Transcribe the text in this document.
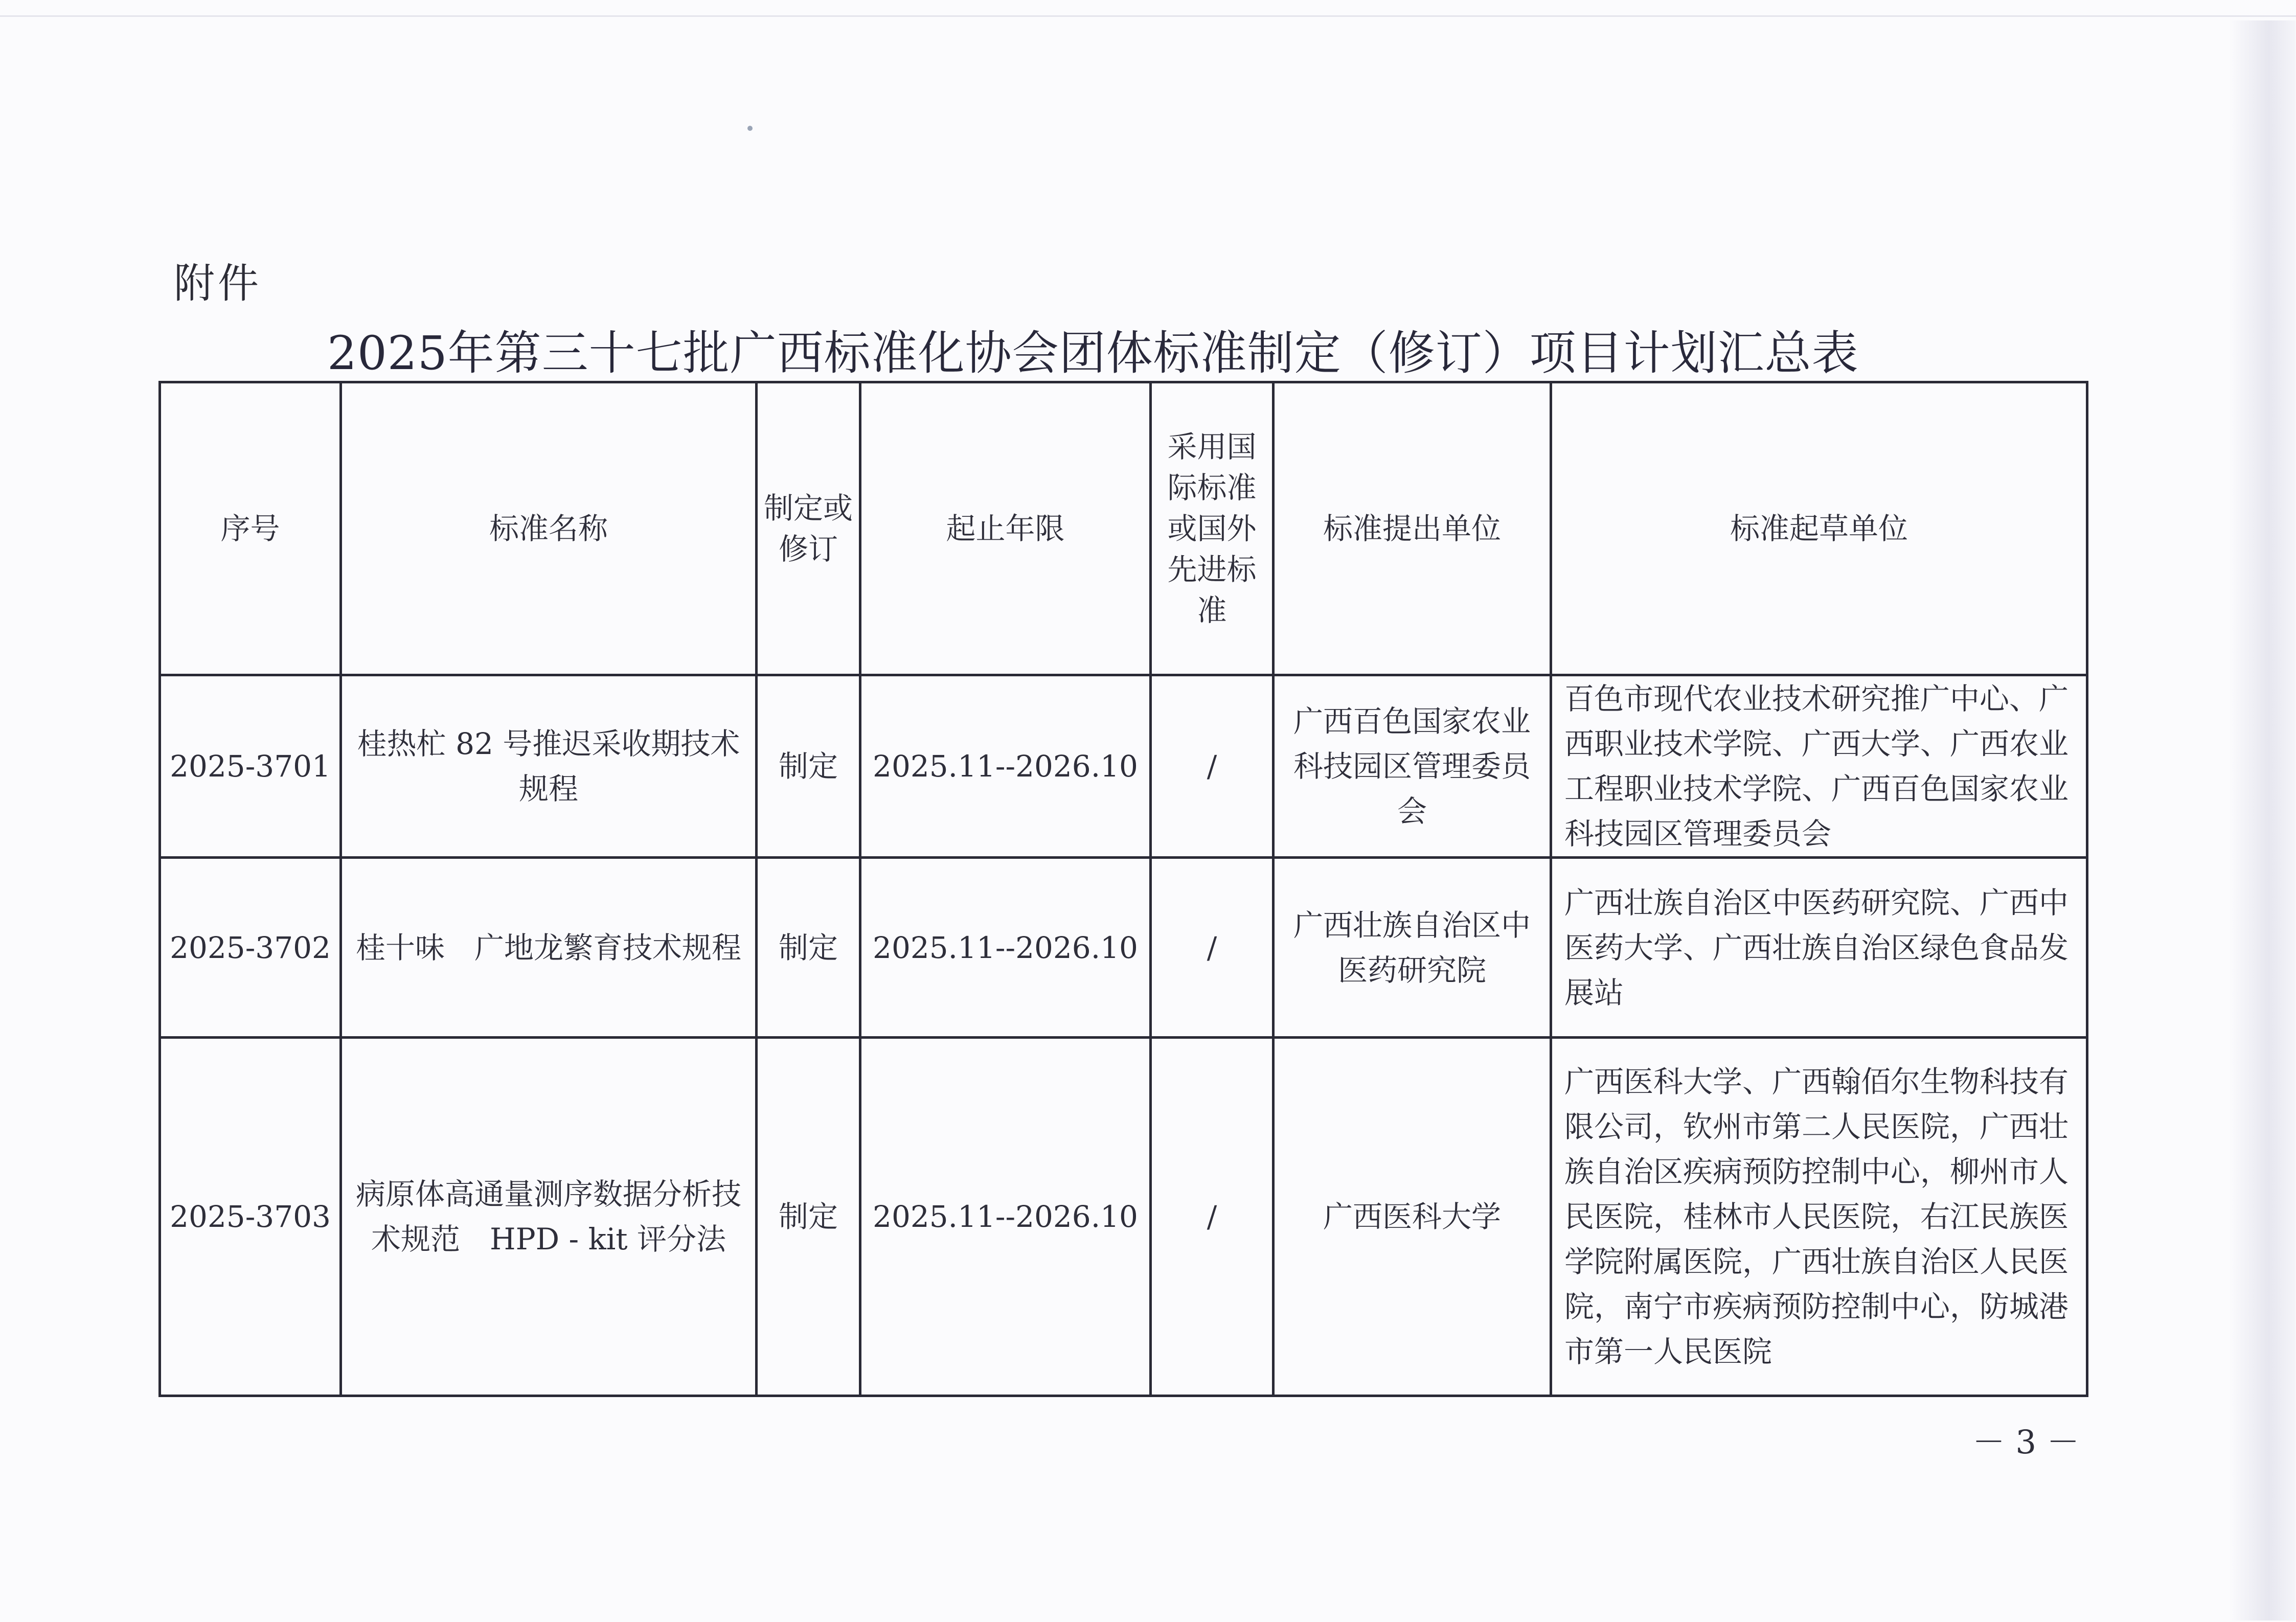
附件
2025年第三十七批广西标准化协会团体标准制定（修订）项目计划汇总表
序号	标准名称	制定或修订	起止年限	采用国际标准或国外先进标准	标准提出单位	标准起草单位
2025-3701	桂热杧 82 号推迟采收期技术规程	制定	2025.11--2026.10	/	广西百色国家农业科技园区管理委员会	百色市现代农业技术研究推广中心、广西职业技术学院、广西大学、广西农业工程职业技术学院、广西百色国家农业科技园区管理委员会
2025-3702	桂十味　广地龙繁育技术规程	制定	2025.11--2026.10	/	广西壮族自治区中医药研究院	广西壮族自治区中医药研究院、广西中医药大学、广西壮族自治区绿色食品发展站
2025-3703	病原体高通量测序数据分析技术规范　HPD - kit 评分法	制定	2025.11--2026.10	/	广西医科大学	广西医科大学、广西翰佰尔生物科技有限公司，钦州市第二人民医院，广西壮族自治区疾病预防控制中心，柳州市人民医院，桂林市人民医院，右江民族医学院附属医院，广西壮族自治区人民医院，南宁市疾病预防控制中心，防城港市第一人民医院
－ 3 －
